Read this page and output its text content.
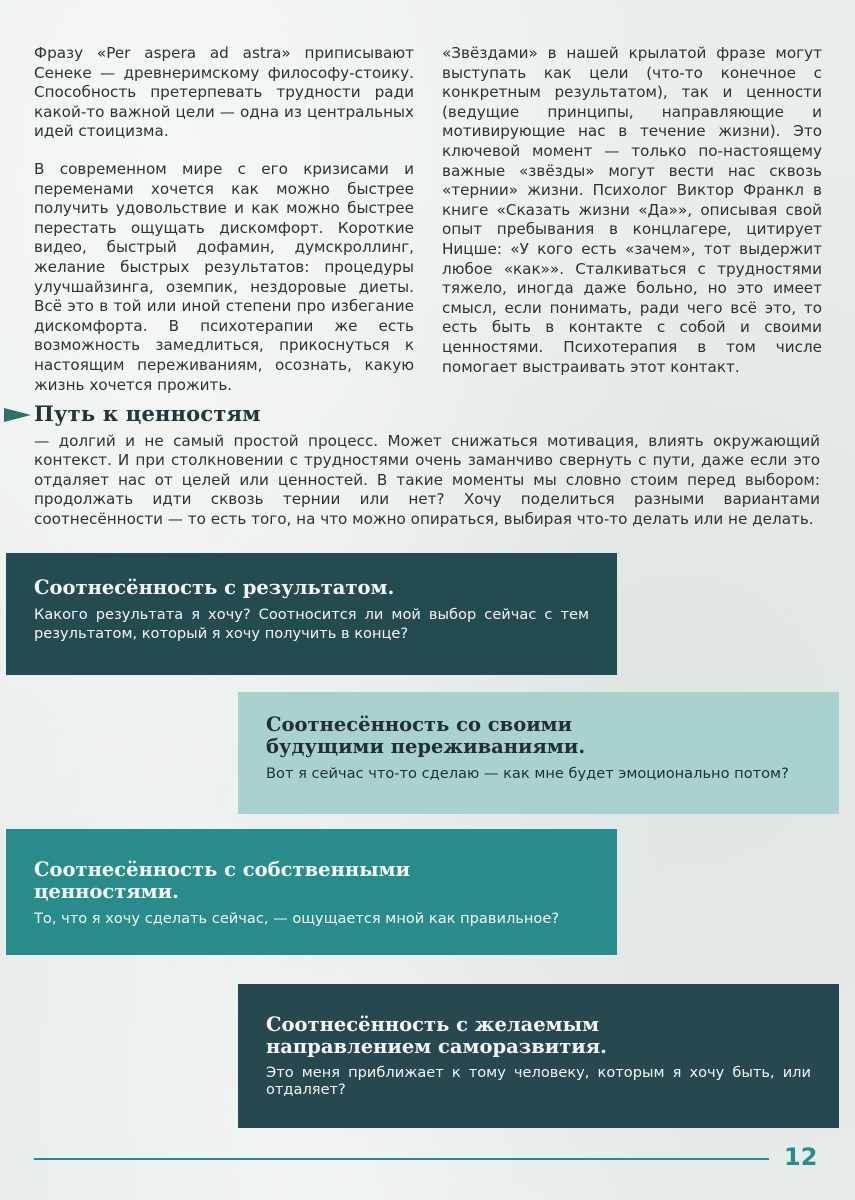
Фразу «Per aspera ad astra» приписывают Сенеке — древнеримскому философу-стоику. Способность претерпевать трудности ради какой-то важной цели — одна из центральных идей стоицизма.

В современном мире с его кризисами и переменами хочется как можно быстрее получить удовольствие и как можно быстрее перестать ощущать дискомфорт. Короткие видео, быстрый дофамин, думскроллинг, желание быстрых результатов: процедуры улучшайзинга, оземпик, нездоровые диеты. Всё это в той или иной степени про избегание дискомфорта. В психотерапии же есть возможность замедлиться, прикоснуться к настоящим переживаниям, осознать, какую жизнь хочется прожить.

«Звёздами» в нашей крылатой фразе могут выступать как цели (что-то конечное с конкретным результатом), так и ценности (ведущие принципы, направляющие и мотивирующие нас в течение жизни). Это ключевой момент — только по-настоящему важные «звёзды» могут вести нас сквозь «тернии» жизни. Психолог Виктор Франкл в книге «Сказать жизни «Да»», описывая свой опыт пребывания в концлагере, цитирует Ницше: «У кого есть «зачем», тот выдержит любое «как»». Сталкиваться с трудностями тяжело, иногда даже больно, но это имеет смысл, если понимать, ради чего всё это, то есть быть в контакте с собой и своими ценностями. Психотерапия в том числе помогает выстраивать этот контакт.

Путь к ценностям
— долгий и не самый простой процесс. Может снижаться мотивация, влиять окружающий контекст. И при столкновении с трудностями очень заманчиво свернуть с пути, даже если это отдаляет нас от целей или ценностей. В такие моменты мы словно стоим перед выбором: продолжать идти сквозь тернии или нет? Хочу поделиться разными вариантами соотнесённости — то есть того, на что можно опираться, выбирая что-то делать или не делать.
Соотнесённость с результатом.
Какого результата я хочу? Соотносится ли мой выбор сейчас с тем результатом, который я хочу получить в конце?
Соотнесённость со своими
будущими переживаниями.
Вот я сейчас что-то сделаю — как мне будет эмоционально потом?
Соотнесённость с собственными
ценностями.
То, что я хочу сделать сейчас, — ощущается мной как правильное?
Соотнесённость с желаемым
направлением саморазвития.
Это меня приближает к тому человеку, которым я хочу быть, или отдаляет?
12
